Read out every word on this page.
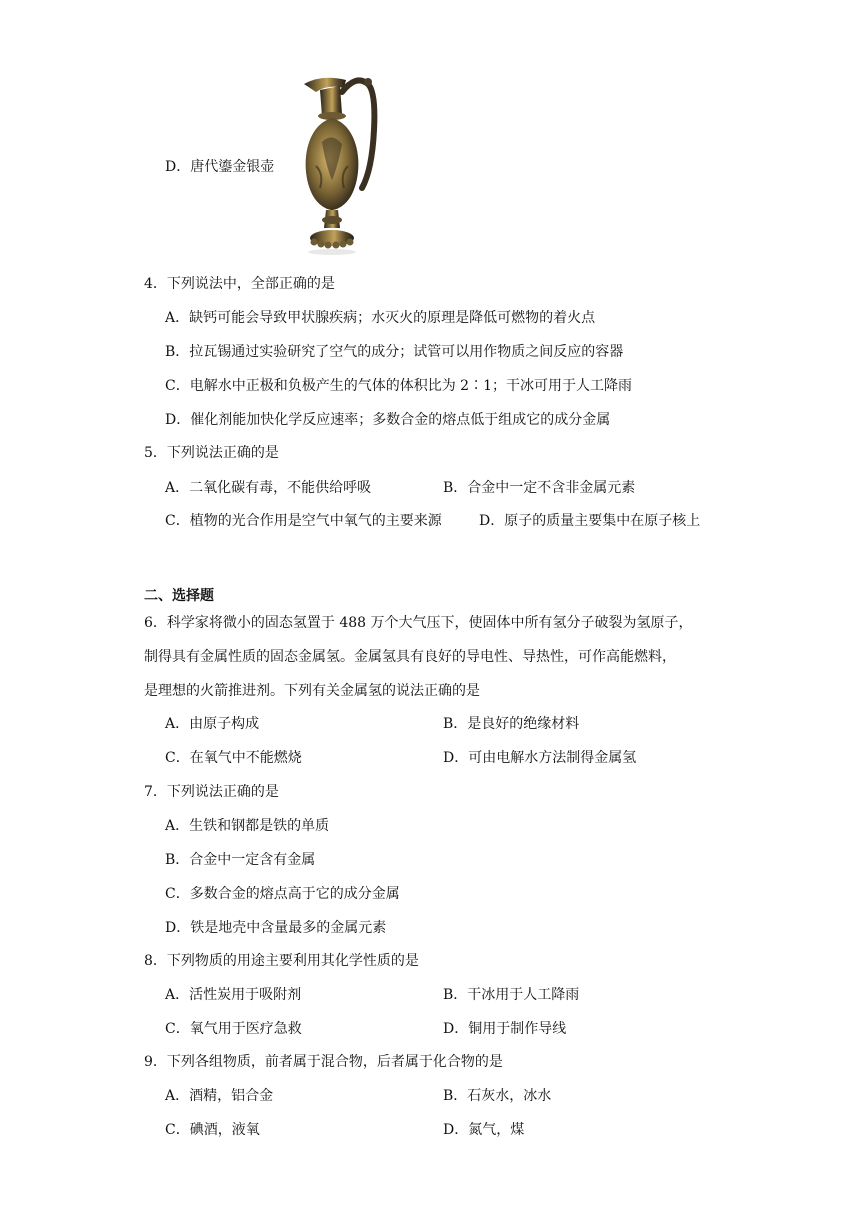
D．唐代鎏金银壶
4．下列说法中，全部正确的是
A．缺钙可能会导致甲状腺疾病；水灭火的原理是降低可燃物的着火点
B．拉瓦锡通过实验研究了空气的成分；试管可以用作物质之间反应的容器
C．电解水中正极和负极产生的气体的体积比为 2∶1；干冰可用于人工降雨
D．催化剂能加快化学反应速率；多数合金的熔点低于组成它的成分金属
5．下列说法正确的是
A．二氧化碳有毒，不能供给呼吸	B．合金中一定不含非金属元素
C．植物的光合作用是空气中氧气的主要来源	D．原子的质量主要集中在原子核上
二、选择题
6．科学家将微小的固态氢置于 488 万个大气压下，使固体中所有氢分子破裂为氢原子，
制得具有金属性质的固态金属氢。金属氢具有良好的导电性、导热性，可作高能燃料，
是理想的火箭推进剂。下列有关金属氢的说法正确的是
A．由原子构成	B．是良好的绝缘材料
C．在氧气中不能燃烧	D．可由电解水方法制得金属氢
7．下列说法正确的是
A．生铁和钢都是铁的单质
B．合金中一定含有金属
C．多数合金的熔点高于它的成分金属
D．铁是地壳中含量最多的金属元素
8．下列物质的用途主要利用其化学性质的是
A．活性炭用于吸附剂	B．干冰用于人工降雨
C．氧气用于医疗急救	D．铜用于制作导线
9．下列各组物质，前者属于混合物，后者属于化合物的是
A．酒精，铝合金	B．石灰水，冰水
C．碘酒，液氧	D．氮气，煤
